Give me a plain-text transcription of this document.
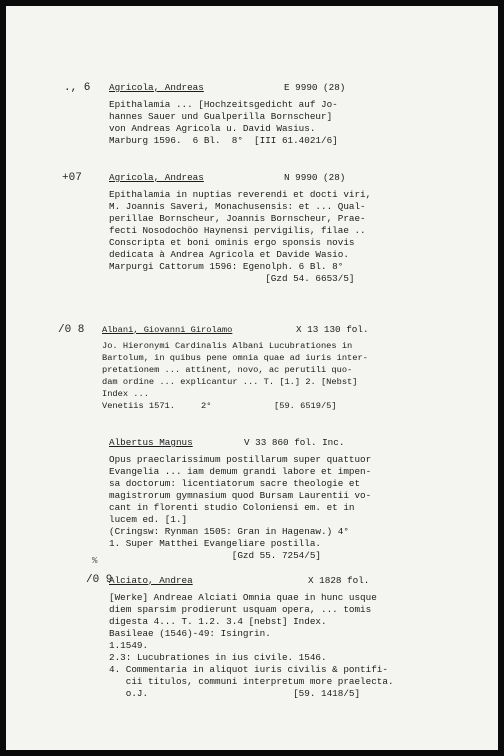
., 6 Agricola, Andreas	E 9990 (28)
Epithalamia ... [Hochzeitsgedicht auf Jo-
hannes Sauer und Gualperilla Bornscheur]
von Andreas Agricola u. David Wasius.
Marburg 1596.  6 Bl.  8°  [III 61.4021/6]
+07	Agricola, Andreas	N 9990 (28)
Epithalamia in nuptias reverendi et docti viri,
M. Joannis Saveri, Monachusensis: et ... Qual-
perillae Bornscheur, Joannis Bornscheur, Prae-
fecti Nosodochöo Haynensi pervigilis, filae ..
Conscripta et boni ominis ergo sponsis novis
dedicata à Andrea Agricola et Davide Wasio.
Marpurgi Cattorum 1596: Egenolph. 6 Bl. 8°
[Gzd 54. 6653/5]
/0 8 Albani, Giovanni Girolamo	X 13 130 fol.
Jo. Hieronymi Cardinalis Albani Lucubrationes in
Bartolum, in quibus pene omnia quae ad iuris inter-
pretationem ... attinent, novo, ac perutili quo-
dam ordine ... explicantur ... T. [1.] 2. [Nebst]
Index ...
Venetiis 1571.     2°            [59. 6519/5]
Albertus Magnus	V 33 860 fol. Inc.
Opus praeclarissimum postillarum super quattuor
Evangelia ... iam demum grandi labore et impen-
sa doctorum: licentiatorum sacre theologie et
magistrorum gymnasium quod Bursam Laurentii vo-
cant in florenti studio Coloniensi em. et in
lucem ed. [1.]
(Cringsw: Rynman 1505: Gran in Hagenaw.) 4°
1. Super Matthei Evangeliare postilla.
[Gzd 55. 7254/5]
%
/0 9
Alciato, Andrea	X 1828 fol.
[Werke] Andreae Alciati Omnia quae in hunc usque
diem sparsim prodierunt usquam opera, ... tomis
digesta 4... T. 1.2. 3.4 [nebst] Index.
Basileae (1546)-49: Isingrin.
1.1549.
2.3: Lucubrationes in ius civile. 1546.
4. Commentaria in aliquot iuris civilis & pontifi-
cii titulos, communi interpretum more praelecta.
o.J.                          [59. 1418/5]
